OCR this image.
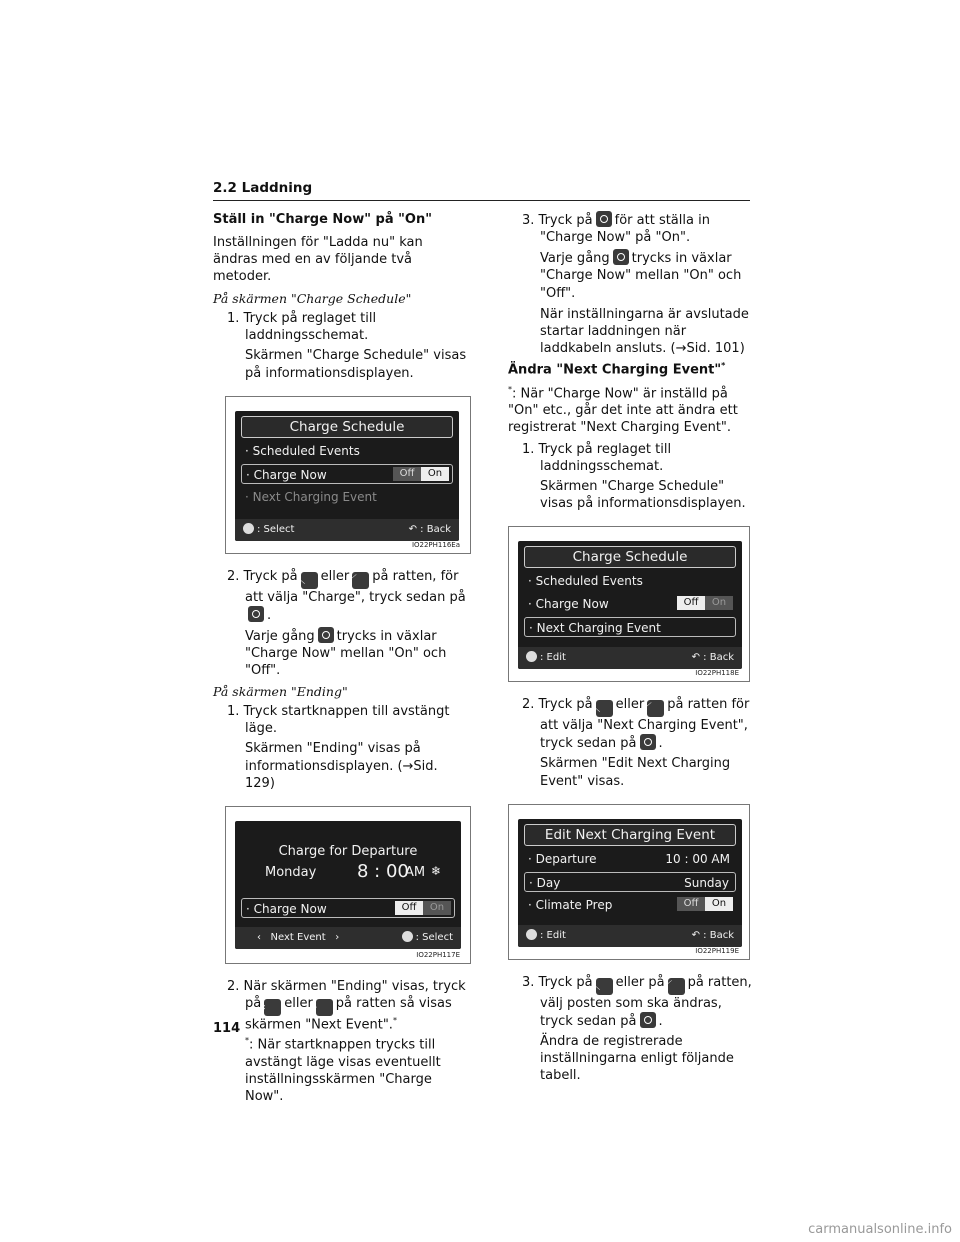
2.2 Laddning

Ställ in "Charge Now" på "On"

Inställningen för "Ladda nu" kan ändras med en av följande två metoder.

På skärmen "Charge Schedule"

1. Tryck på reglaget till laddningsschemat.

Skärmen "Charge Schedule" visas på informationsdisplayen.

Charge Schedule
· Scheduled Events
· Charge Now	Off	On
· Next Charging Event
: Select	↶ : Back
IO22PH116Ea

2. Tryck på︿ eller﹀ på ratten, för att välja "Charge", tryck sedan på.

Varje gång trycks in växlar "Charge Now" mellan "On" och "Off".

På skärmen "Ending"

1. Tryck startknappen till avstängt läge.

Skärmen "Ending" visas på informationsdisplayen. (→Sid. 129)

Charge for Departure
Monday 8 : 00
AM ❄
· Charge Now	Off	On
‹   Next Event   ›	: Select
IO22PH117E

2. När skärmen "Ending" visas, tryck på‹ eller› på ratten så visas skärmen "Next Event".*

*: När startknappen trycks till avstängt läge visas eventuellt inställningsskärmen "Charge Now".

3. Tryck på för att ställa in "Charge Now" på "On".

Varje gång trycks in växlar "Charge Now" mellan "On" och "Off".

När inställningarna är avslutade startar laddningen när laddkabeln ansluts. (→Sid. 101)

Ändra "Next Charging Event"*

*: När "Charge Now" är inställd på "On" etc., går det inte att ändra ett registrerat "Next Charging Event".

1. Tryck på reglaget till laddningsschemat.

Skärmen "Charge Schedule" visas på informationsdisplayen.

Charge Schedule
· Scheduled Events
· Charge Now	Off	On
· Next Charging Event
: Edit	↶ : Back
IO22PH118E

2. Tryck på︿ eller﹀ på ratten för att välja "Next Charging Event", tryck sedan på .

Skärmen "Edit Next Charging Event" visas.

Edit Next Charging Event
· Departure	10 : 00 AM
· Day	Sunday
· Climate Prep	Off	On
: Edit	↶ : Back
IO22PH119E

3. Tryck på︿ eller på﹀ på ratten, välj posten som ska ändras, tryck sedan på .

Ändra de registrerade inställningarna enligt följande tabell.

114
carmanualsonline.info
